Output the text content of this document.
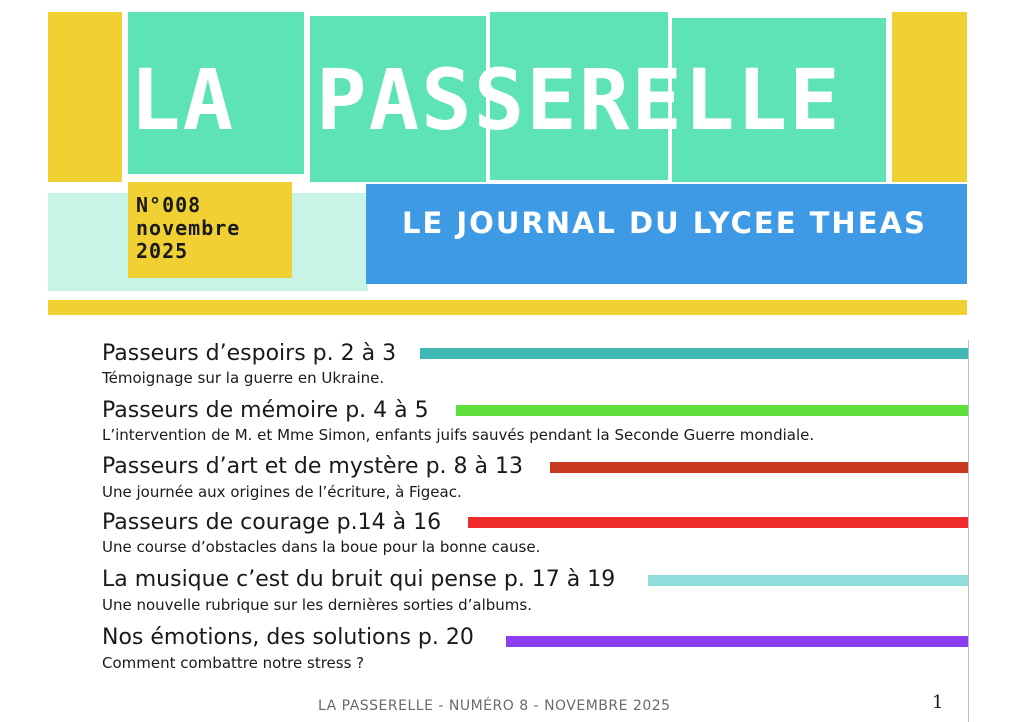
LA PASSERELLE
N°008
novembre
2025
LE JOURNAL DU LYCEE THEAS
Passeurs d’espoirs p. 2 à 3
Témoignage sur la guerre en Ukraine.
Passeurs de mémoire p. 4 à 5
L’intervention de M. et Mme Simon, enfants juifs sauvés pendant la Seconde Guerre mondiale.
Passeurs d’art et de mystère p. 8 à 13
Une journée aux origines de l’écriture, à Figeac.
Passeurs de courage p.14 à 16
Une course d’obstacles dans la boue pour la bonne cause.
La musique c’est du bruit qui pense p. 17 à 19
Une nouvelle rubrique sur les dernières sorties d’albums.
Nos émotions, des solutions p. 20
Comment combattre notre stress ?
LA PASSERELLE - NUMÉRO 8 - NOVEMBRE 2025	1
